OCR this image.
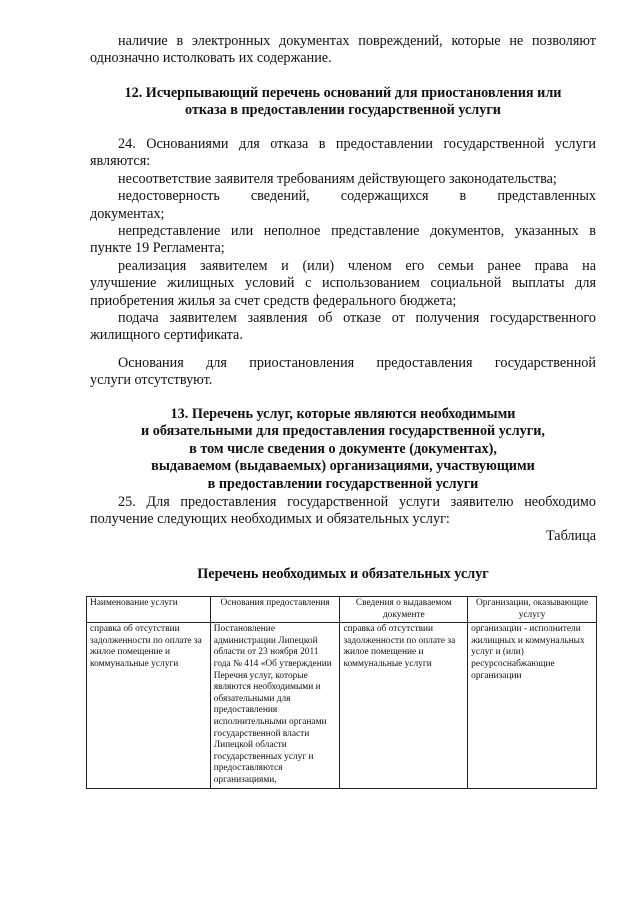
наличие в электронных документах повреждений, которые не позволяют
однозначно истолковать их содержание.
12. Исчерпывающий перечень оснований для приостановления или
отказа в предоставлении государственной услуги
24. Основаниями для отказа в предоставлении государственной услуги
являются:
несоответствие заявителя требованиям действующего законодательства;
недостоверность сведений, содержащихся в представленных
документах;
непредставление или неполное представление документов, указанных в
пункте 19 Регламента;
реализация заявителем и (или) членом его семьи ранее права на
улучшение жилищных условий с использованием социальной выплаты для
приобретения жилья за счет средств федерального бюджета;
подача заявителем заявления об отказе от получения государственного
жилищного сертификата.
Основания для приостановления предоставления государственной
услуги отсутствуют.
13. Перечень услуг, которые являются необходимыми
и обязательными для предоставления государственной услуги,
в том числе сведения о документе (документах),
выдаваемом (выдаваемых) организациями, участвующими
в предоставлении государственной услуги
25. Для предоставления государственной услуги заявителю необходимо
получение следующих необходимых и обязательных услуг:
Таблица
Перечень необходимых и обязательных услуг
Наименование услуги	Основания предоставления	Сведения о выдаваемом документе	Организации, оказывающие услугу
справка об отсутствии задолженности по оплате за жилое помещение и коммунальные услуги	Постановление администрации Липецкой области от 23 ноября 2011 года № 414 «Об утверждении Перечня услуг, которые являются необходимыми и обязательными для предоставления исполнительными органами государственной власти Липецкой области государственных услуг и предоставляются организациями,	справка об отсутствии задолженности по оплате за жилое помещение и коммунальные услуги	организации - исполнители жилищных и коммунальных услуг и (или) ресурсоснабжающие организации
